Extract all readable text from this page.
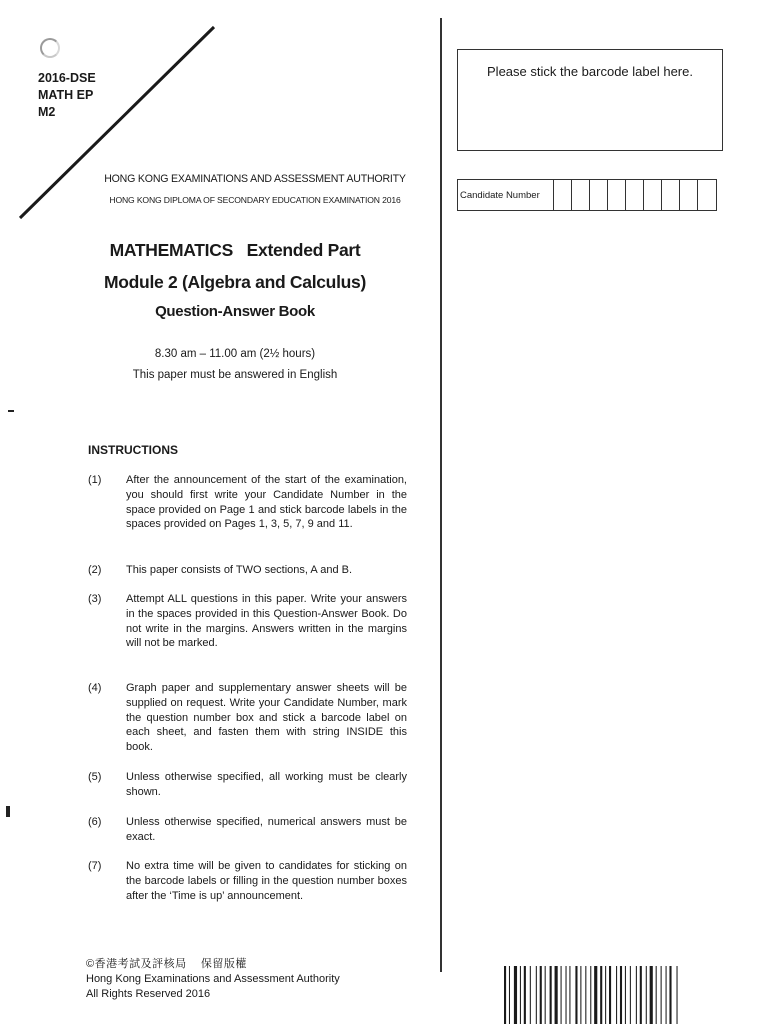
2016-DSE
MATH EP
M2
HONG KONG EXAMINATIONS AND ASSESSMENT AUTHORITY
HONG KONG DIPLOMA OF SECONDARY EDUCATION EXAMINATION 2016
MATHEMATICS   Extended Part
Module 2 (Algebra and Calculus)
Question-Answer Book
8.30 am – 11.00 am (2½ hours)
This paper must be answered in English
INSTRUCTIONS
(1)	After the announcement of the start of the examination, you should first write your Candidate Number in the space provided on Page 1 and stick barcode labels in the spaces provided on Pages 1, 3, 5, 7, 9 and 11.
(2)	This paper consists of TWO sections, A and B.
(3)	Attempt ALL questions in this paper. Write your answers in the spaces provided in this Question-Answer Book. Do not write in the margins. Answers written in the margins will not be marked.
(4)	Graph paper and supplementary answer sheets will be supplied on request. Write your Candidate Number, mark the question number box and stick a barcode label on each sheet, and fasten them with string INSIDE this book.
(5)	Unless otherwise specified, all working must be clearly shown.
(6)	Unless otherwise specified, numerical answers must be exact.
(7)	No extra time will be given to candidates for sticking on the barcode labels or filling in the question number boxes after the ‘Time is up’ announcement.
©香港考試及評核局    保留版權
Hong Kong Examinations and Assessment Authority
All Rights Reserved 2016
Please stick the barcode label here.
Candidate Number
